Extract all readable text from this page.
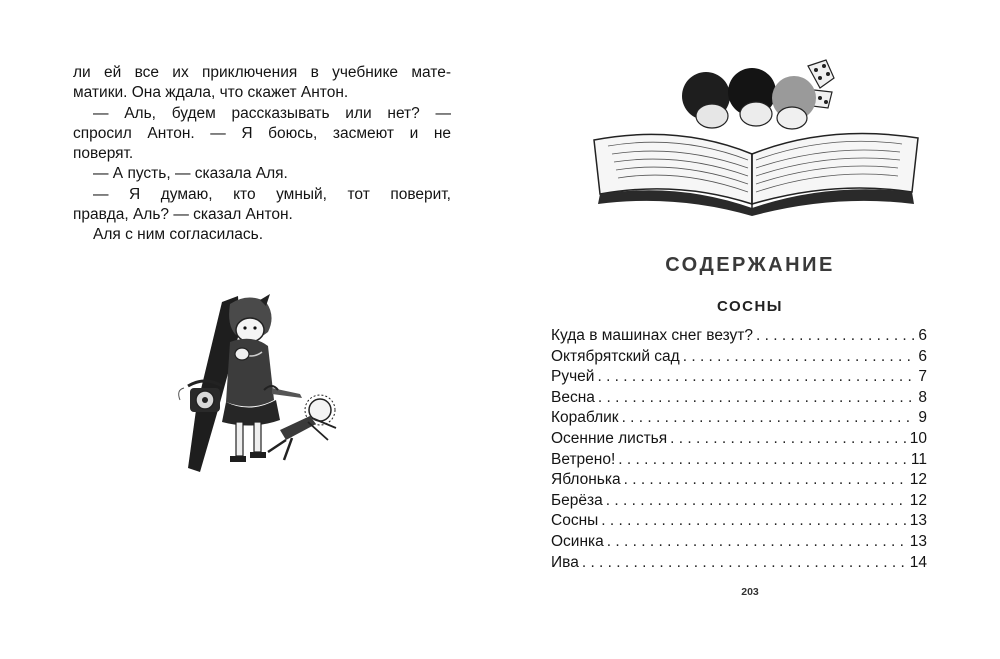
ли ей все их приключения в учебнике мате-

матики. Она ждала, что скажет Антон.

— Аль, будем рассказывать или нет? —

спросил Антон. — Я боюсь, засмеют и не

поверят.

— А пусть, — сказала Аля.

— Я думаю, кто умный, тот поверит,

правда, Аль? — сказал Антон.

Аля с ним согласилась.

СОДЕРЖАНИЕ
СОСНЫ
Куда в машинах снег везут? . . .	6
Октябрятский сад . . .	6
Ручей . . .	7
Весна . . .	8
Кораблик . . .	9
Осенние листья . . .	10
Ветрено! . . .	11
Яблонька . . .	12
Берёза . . .	12
Сосны . . .	13
Осинка . . .	13
Ива . . .	14
203
